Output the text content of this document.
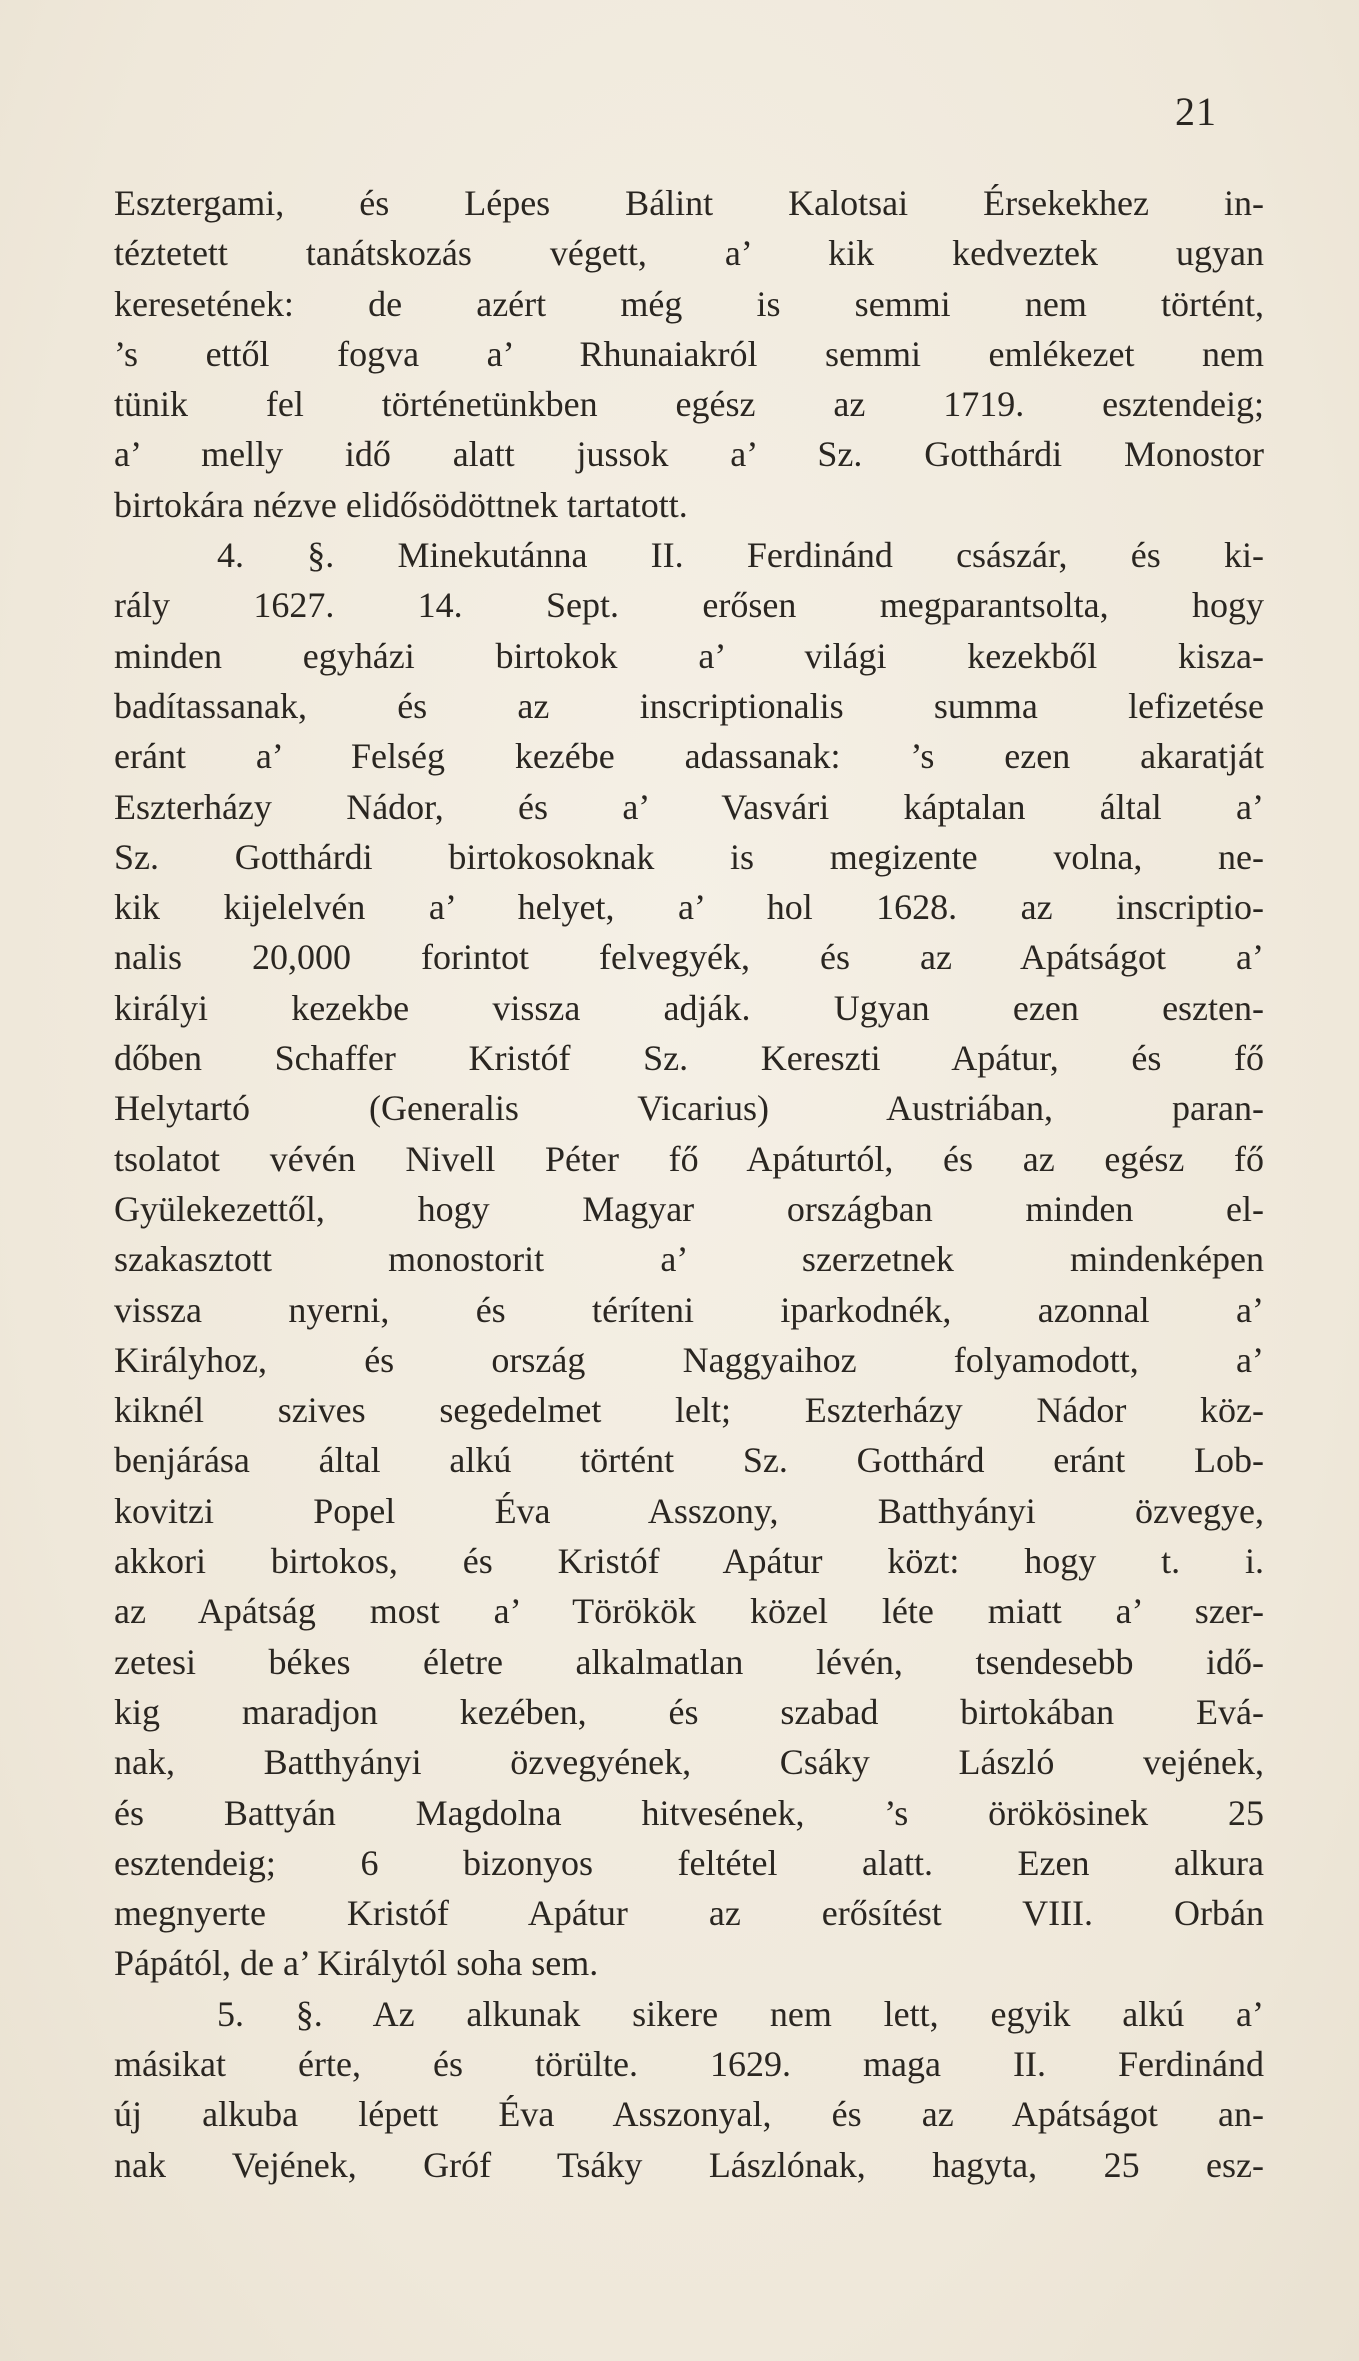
21
Esztergami, és Lépes Bálint Kalotsai Érsekekhez in-
téztetett tanátskozás végett, a’ kik kedveztek ugyan
keresetének: de azért még is semmi nem történt,
’s ettől fogva a’ Rhunaiakról semmi emlékezet nem
tünik fel történetünkben egész az 1719. esztendeig;
a’ melly idő alatt jussok a’ Sz. Gotthárdi Monostor
birtokára nézve elidősödöttnek tartatott.
4. §. Minekutánna II. Ferdinánd császár, és ki-
rály 1627. 14. Sept. erősen megparantsolta, hogy
minden egyházi birtokok a’ világi kezekből kisza-
badítassanak, és az inscriptionalis summa lefizetése
eránt a’ Felség kezébe adassanak: ’s ezen akaratját
Eszterházy Nádor, és a’ Vasvári káptalan által a’
Sz. Gotthárdi birtokosoknak is megizente volna, ne-
kik kijelelvén a’ helyet, a’ hol 1628. az inscriptio-
nalis 20,000 forintot felvegyék, és az Apátságot a’
királyi kezekbe vissza adják. Ugyan ezen eszten-
dőben Schaffer Kristóf Sz. Kereszti Apátur, és fő
Helytartó (Generalis Vicarius) Austriában, paran-
tsolatot vévén Nivell Péter fő Apáturtól, és az egész fő
Gyülekezettől, hogy Magyar országban minden el-
szakasztott monostorit a’ szerzetnek mindenképen
vissza nyerni, és téríteni iparkodnék, azonnal a’
Királyhoz, és ország Naggyaihoz folyamodott, a’
kiknél szives segedelmet lelt; Eszterházy Nádor köz-
benjárása által alkú történt Sz. Gotthárd eránt Lob-
kovitzi Popel Éva Asszony, Batthyányi özvegye,
akkori birtokos, és Kristóf Apátur közt: hogy t. i.
az Apátság most a’ Törökök közel léte miatt a’ szer-
zetesi békes életre alkalmatlan lévén, tsendesebb idő-
kig maradjon kezében, és szabad birtokában Evá-
nak, Batthyányi özvegyének, Csáky László vejének,
és Battyán Magdolna hitvesének, ’s örökösinek 25
esztendeig; 6 bizonyos feltétel alatt. Ezen alkura
megnyerte Kristóf Apátur az erősítést VIII. Orbán
Pápától, de a’ Királytól soha sem.
5. §. Az alkunak sikere nem lett, egyik alkú a’
másikat érte, és törülte. 1629. maga II. Ferdinánd
új alkuba lépett Éva Asszonyal, és az Apátságot an-
nak Vejének, Gróf Tsáky Lászlónak, hagyta, 25 esz-
